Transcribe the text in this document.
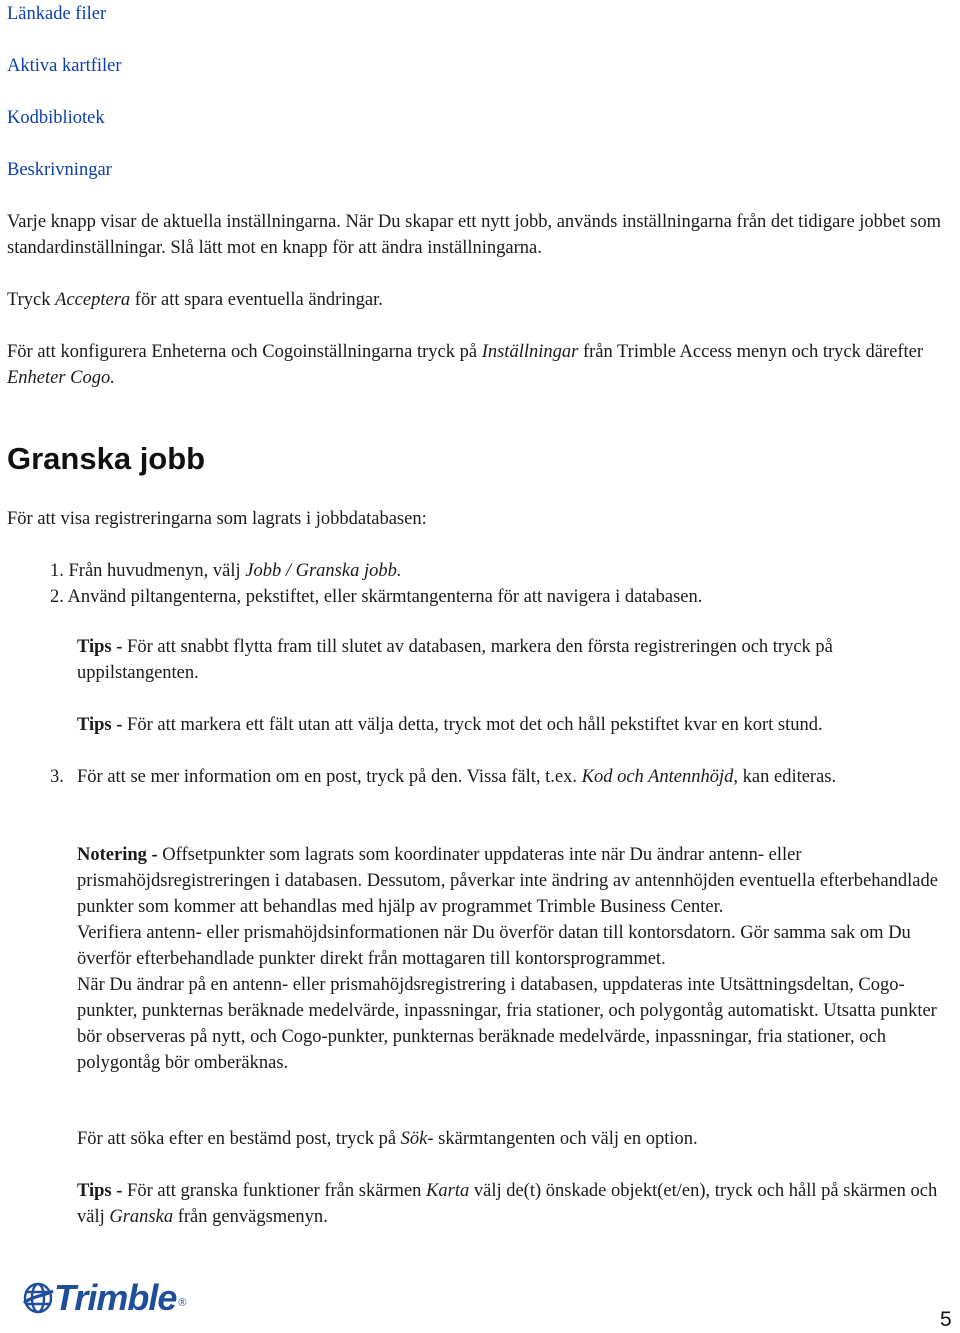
Länkade filer
Aktiva kartfiler
Kodbibliotek
Beskrivningar

Varje knapp visar de aktuella inställningarna. När Du skapar ett nytt jobb, används inställningarna från det tidigare jobbet som standardinställningar. Slå lätt mot en knapp för att ändra inställningarna.

Tryck Acceptera för att spara eventuella ändringar.

För att konfigurera Enheterna och Cogoinställningarna tryck på Inställningar från Trimble Access menyn och tryck därefter Enheter Cogo.

Granska jobb

För att visa registreringarna som lagrats i jobbdatabasen:

1. Från huvudmenyn, välj Jobb / Granska jobb.
2. Använd piltangenterna, pekstiftet, eller skärmtangenterna för att navigera i databasen.

Tips - För att snabbt flytta fram till slutet av databasen, markera den första registreringen och tryck på uppilstangenten.

Tips - För att markera ett fält utan att välja detta, tryck mot det och håll pekstiftet kvar en kort stund.

3. För att se mer information om en post, tryck på den. Vissa fält, t.ex. Kod och Antennhöjd, kan editeras.

Notering - Offsetpunkter som lagrats som koordinater uppdateras inte när Du ändrar antenn- eller prismahöjdsregistreringen i databasen. Dessutom, påverkar inte ändring av antennhöjden eventuella efterbehandlade punkter som kommer att behandlas med hjälp av programmet Trimble Business Center.

Verifiera antenn- eller prismahöjdsinformationen när Du överför datan till kontorsdatorn. Gör samma sak om Du överför efterbehandlade punkter direkt från mottagaren till kontorsprogrammet.

När Du ändrar på en antenn- eller prismahöjdsregistrering i databasen, uppdateras inte Utsättningsdeltan, Cogo-punkter, punkternas beräknade medelvärde, inpassningar, fria stationer, och polygontåg automatiskt. Utsatta punkter bör observeras på nytt, och Cogo-punkter, punkternas beräknade medelvärde, inpassningar, fria stationer, och polygontåg bör omberäknas.

För att söka efter en bestämd post, tryck på Sök- skärmtangenten och välj en option.

Tips - För att granska funktioner från skärmen Karta välj de(t) önskade objekt(et/en), tryck och håll på skärmen och välj Granska från genvägsmenyn.

Trimble ®
5
